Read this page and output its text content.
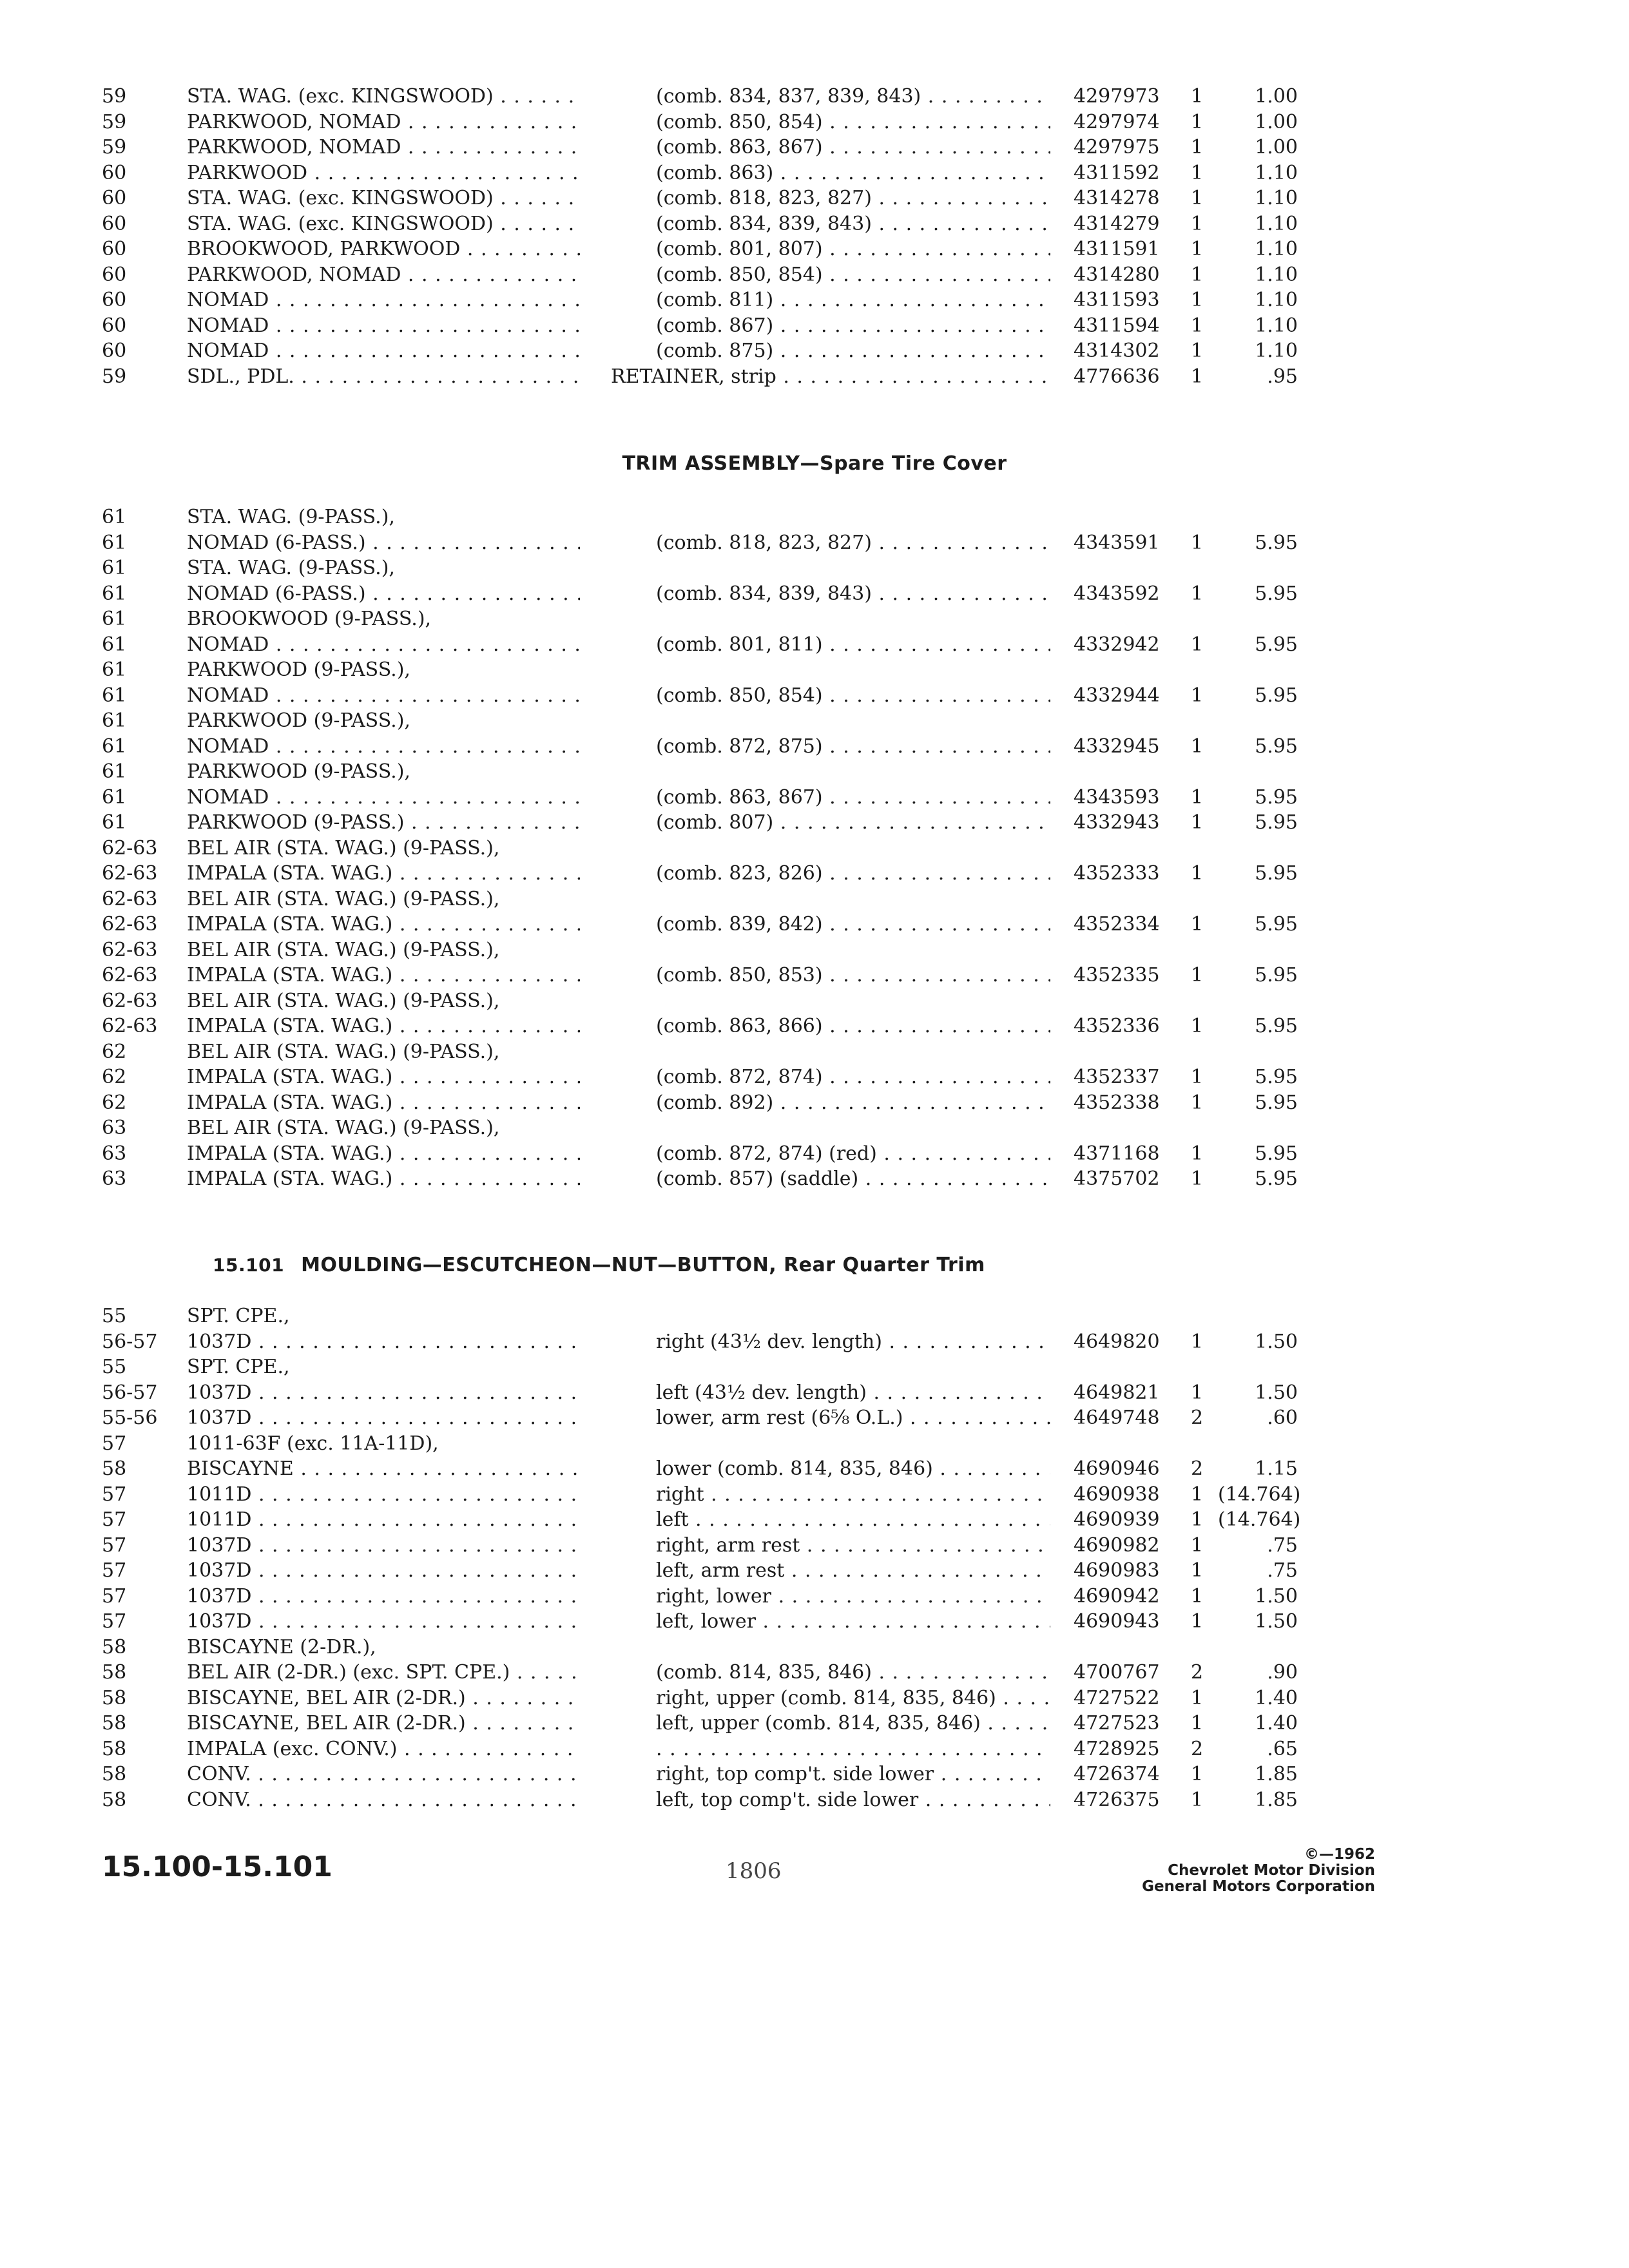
59	STA. WAG. (exc. KINGSWOOD) . . .	(comb. 834, 837, 839, 843) . . .	4297973 1	1.00
59	PARKWOOD, NOMAD . . .	(comb. 850, 854) . . .	4297974 1	1.00
59	PARKWOOD, NOMAD . . .	(comb. 863, 867) . . .	4297975 1	1.00
60	PARKWOOD . . .	(comb. 863) . . .	4311592 1	1.10
60	STA. WAG. (exc. KINGSWOOD) . . .	(comb. 818, 823, 827) . . .	4314278 1	1.10
60	STA. WAG. (exc. KINGSWOOD) . . .	(comb. 834, 839, 843) . . .	4314279 1	1.10
60	BROOKWOOD, PARKWOOD . . .	(comb. 801, 807) . . .	4311591 1	1.10
60	PARKWOOD, NOMAD . . .	(comb. 850, 854) . . .	4314280 1	1.10
60	NOMAD . . .	(comb. 811) . . .	4311593 1	1.10
60	NOMAD . . .	(comb. 867) . . .	4311594 1	1.10
60	NOMAD . . .	(comb. 875) . . .	4314302 1	1.10
59	SDL., PDL. . . .	RETAINER, strip . . .	4776636 1	.95
TRIM ASSEMBLY—Spare Tire Cover
61	STA. WAG. (9-PASS.),
61	NOMAD (6-PASS.) . . .	(comb. 818, 823, 827) . . .	4343591 1	5.95
61	STA. WAG. (9-PASS.),
61	NOMAD (6-PASS.) . . .	(comb. 834, 839, 843) . . .	4343592 1	5.95
61	BROOKWOOD (9-PASS.),
61	NOMAD . . .	(comb. 801, 811) . . .	4332942 1	5.95
61	PARKWOOD (9-PASS.),
61	NOMAD . . .	(comb. 850, 854) . . .	4332944 1	5.95
61	PARKWOOD (9-PASS.),
61	NOMAD . . .	(comb. 872, 875) . . .	4332945 1	5.95
61	PARKWOOD (9-PASS.),
61	NOMAD . . .	(comb. 863, 867) . . .	4343593 1	5.95
61	PARKWOOD (9-PASS.) . . .	(comb. 807) . . .	4332943 1	5.95
62-63 BEL AIR (STA. WAG.) (9-PASS.),
62-63 IMPALA (STA. WAG.) . . .	(comb. 823, 826) . . .	4352333 1	5.95
62-63 BEL AIR (STA. WAG.) (9-PASS.),
62-63 IMPALA (STA. WAG.) . . .	(comb. 839, 842) . . .	4352334 1	5.95
62-63 BEL AIR (STA. WAG.) (9-PASS.),
62-63 IMPALA (STA. WAG.) . . .	(comb. 850, 853) . . .	4352335 1	5.95
62-63 BEL AIR (STA. WAG.) (9-PASS.),
62-63 IMPALA (STA. WAG.) . . .	(comb. 863, 866) . . .	4352336 1	5.95
62	BEL AIR (STA. WAG.) (9-PASS.),
62	IMPALA (STA. WAG.) . . .	(comb. 872, 874) . . .	4352337 1	5.95
62	IMPALA (STA. WAG.) . . .	(comb. 892) . . .	4352338 1	5.95
63	BEL AIR (STA. WAG.) (9-PASS.),
63	IMPALA (STA. WAG.) . . .	(comb. 872, 874) (red) . . .	4371168 1	5.95
63	IMPALA (STA. WAG.) . . .	(comb. 857) (saddle) . . .	4375702 1	5.95
15.101 MOULDING—ESCUTCHEON—NUT—BUTTON, Rear Quarter Trim
55	SPT. CPE.,
56-57 1037D . . .	right (43½ dev. length) . . .	4649820 1	1.50
55	SPT. CPE.,
56-57 1037D . . .	left (43½ dev. length) . . .	4649821 1	1.50
55-56 1037D . . .	lower, arm rest (6⅝ O.L.) . . .	4649748 2	.60
57	1011-63F (exc. 11A-11D),
58	BISCAYNE . . .	lower (comb. 814, 835, 846) . . .	4690946 2	1.15
57	1011D . . .	right . . .	4690938 1 (14.764)
57	1011D . . .	left . . .	4690939 1 (14.764)
57	1037D . . .	right, arm rest . . .	4690982 1	.75
57	1037D . . .	left, arm rest . . .	4690983 1	.75
57	1037D . . .	right, lower . . .	4690942 1	1.50
57	1037D . . .	left, lower . . .	4690943 1	1.50
58	BISCAYNE (2-DR.),
58	BEL AIR (2-DR.) (exc. SPT. CPE.) . . .	(comb. 814, 835, 846) . . .	4700767 2	.90
58	BISCAYNE, BEL AIR (2-DR.) . . .	right, upper (comb. 814, 835, 846) . . .	4727522 1	1.40
58	BISCAYNE, BEL AIR (2-DR.) . . .	left, upper (comb. 814, 835, 846) . . .	4727523 1	1.40
58	IMPALA (exc. CONV.) . . .
. . .	4728925 2	.65
58	CONV. . . .	right, top comp't. side lower . . .	4726374 1	1.85
58	CONV. . . .	left, top comp't. side lower . . .	4726375 1	1.85
15.100-15.101	1806
©—1962
Chevrolet Motor Division
General Motors Corporation
